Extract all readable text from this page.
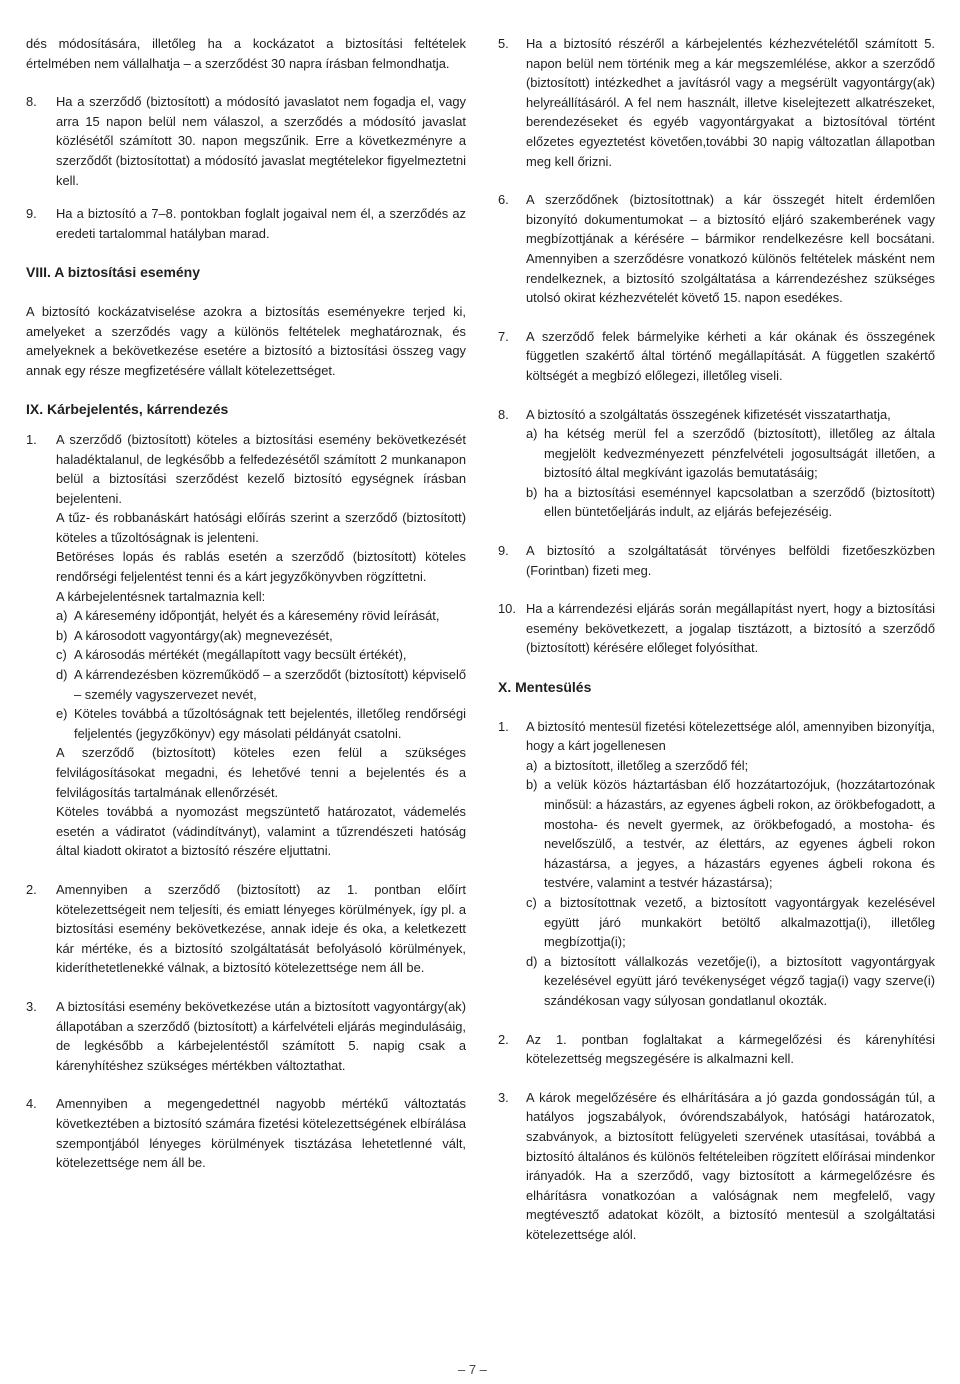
dés módosítására, illetőleg ha a kockázatot a biztosítási feltételek értelmében nem vállalhatja – a szerződést 30 napra írásban felmondhatja.

8.	Ha a szerződő (biztosított) a módosító javaslatot nem fogadja el, vagy arra 15 napon belül nem válaszol, a szerződés a módosító javaslat közlésétől számított 30. napon megszűnik. Erre a következményre a szerződőt (biztosítottat) a módosító javaslat megtételekor figyelmeztetni kell.
9.	Ha a biztosító a 7–8. pontokban foglalt jogaival nem él, a szerződés az eredeti tartalommal hatályban marad.

VIII. A biztosítási esemény

A biztosító kockázatviselése azokra a biztosítás eseményekre terjed ki, amelyeket a szerződés vagy a különös feltételek meghatároznak, és amelyeknek a bekövetkezése esetére a biztosító a biztosítási összeg vagy annak egy része megfizetésére vállalt kötelezettséget.

IX. Kárbejelentés, kárrendezés

1.	A szerződő (biztosított) köteles a biztosítási esemény bekövetkezését haladéktalanul, de legkésőbb a felfedezésétől számított 2 munkanapon belül a biztosítási szerződést kezelő biztosító egységnek írásban bejelenteni.

A tűz- és robbanáskárt hatósági előírás szerint a szerződő (biztosított) köteles a tűzoltóságnak is jelenteni.

Betöréses lopás és rablás esetén a szerződő (biztosított) köteles rendőrségi feljelentést tenni és a kárt jegyzőkönyvben rögzíttetni.

A kárbejelentésnek tartalmaznia kell:

a) A káresemény időpontját, helyét és a káresemény rövid leírását,
b) A károsodott vagyontárgy(ak) megnevezését,
c) A károsodás mértékét (megállapított vagy becsült értékét),
d) A kárrendezésben közreműködő – a szerződőt (biztosított) képviselő – személy vagyszervezet nevét,
e) Köteles továbbá a tűzoltóságnak tett bejelentés, illetőleg rendőrségi feljelentés (jegyzőkönyv) egy másolati példányát csatolni.

A szerződő (biztosított) köteles ezen felül a szükséges felvilágosításokat megadni, és lehetővé tenni a bejelentés és a felvilágosítás tartalmának ellenőrzését.

Köteles továbbá a nyomozást megszüntető határozatot, vádemelés esetén a vádiratot (vádindítványt), valamint a tűzrendészeti hatóság által kiadott okiratot a biztosító részére eljuttatni.

2.	Amennyiben a szerződő (biztosított) az 1. pontban előírt kötelezettségeit nem teljesíti, és emiatt lényeges körülmények, így pl. a biztosítási esemény bekövetkezése, annak ideje és oka, a keletkezett kár mértéke, és a biztosító szolgáltatását befolyásoló körülmények, kideríthetetlenekké válnak, a biztosító kötelezettsége nem áll be.
3.	A biztosítási esemény bekövetkezése után a biztosított vagyontárgy(ak) állapotában a szerződő (biztosított) a kárfelvételi eljárás megindulásáig, de legkésőbb a kárbejelentéstől számított 5. napig csak a kárenyhítéshez szükséges mértékben változtathat.
4.	Amennyiben a megengedettnél nagyobb mértékű változtatás következtében a biztosító számára fizetési kötelezettségének elbírálása szempontjából lényeges körülmények tisztázása lehetetlenné vált, kötelezettsége nem áll be.
5.	Ha a biztosító részéről a kárbejelentés kézhezvételétől számított 5. napon belül nem történik meg a kár megszemlélése, akkor a szerződő (biztosított) intézkedhet a javításról vagy a megsérült vagyontárgy(ak) helyreállításáról. A fel nem használt, illetve kiselejtezett alkatrészeket, berendezéseket és egyéb vagyontárgyakat a biztosítóval történt előzetes egyeztetést követően,további 30 napig változatlan állapotban meg kell őrizni.
6.	A szerződőnek (biztosítottnak) a kár összegét hitelt érdemlően bizonyító dokumentumokat – a biztosító eljáró szakemberének vagy megbízottjának a kérésére – bármikor rendelkezésre kell bocsátani. Amennyiben a szerződésre vonatkozó különös feltételek másként nem rendelkeznek, a biztosító szolgáltatása a kárrendezéshez szükséges utolsó okirat kézhezvételét követő 15. napon esedékes.
7.	A szerződő felek bármelyike kérheti a kár okának és összegének független szakértő által történő megállapítását. A független szakértő költségét a megbízó előlegezi, illetőleg viseli.
8.	A biztosító a szolgáltatás összegének kifizetését visszatarthatja,

a) ha kétség merül fel a szerződő (biztosított), illetőleg az általa megjelölt kedvezményezett pénzfelvételi jogosultságát illetően, a biztosító által megkívánt igazolás bemutatásáig;
b) ha a biztosítási eseménnyel kapcsolatban a szerződő (biztosított) ellen büntetőeljárás indult, az eljárás befejezéséig.
9.	A biztosító a szolgáltatását törvényes belföldi fizetőeszközben (Forintban) fizeti meg.
10. Ha a kárrendezési eljárás során megállapítást nyert, hogy a biztosítási esemény bekövetkezett, a jogalap tisztázott, a biztosító a szerződő (biztosított) kérésére előleget folyósíthat.

X. Mentesülés

1.	A biztosító mentesül fizetési kötelezettsége alól, amennyiben bizonyítja, hogy a kárt jogellenesen

a) a biztosított, illetőleg a szerződő fél;
b) a velük közös háztartásban élő hozzátartozójuk, (hozzátartozónak minősül: a házastárs, az egyenes ágbeli rokon, az örökbefogadott, a mostoha- és nevelt gyermek, az örökbefogadó, a mostoha- és nevelőszülő, a testvér, az élettárs, az egyenes ágbeli rokon házastársa, a jegyes, a házastárs egyenes ágbeli rokona és testvére, valamint a testvér házastársa);
c) a biztosítottnak vezető, a biztosított vagyontárgyak kezelésével együtt járó munkakört betöltő alkalmazottja(i), illetőleg megbízottja(i);
d) a biztosított vállalkozás vezetője(i), a biztosított vagyontárgyak kezelésével együtt járó tevékenységet végző tagja(i) vagy szerve(i) szándékosan vagy súlyosan gondatlanul okozták.
2.	Az 1. pontban foglaltakat a kármegelőzési és kárenyhítési kötelezettség megszegésére is alkalmazni kell.
3.	A károk megelőzésére és elhárítására a jó gazda gondosságán túl, a hatályos jogszabályok, óvórendszabályok, hatósági határozatok, szabványok, a biztosított felügyeleti szervének utasításai, továbbá a biztosító általános és különös feltételeiben rögzített előírásai mindenkor irányadók. Ha a szerződő, vagy biztosított a kármegelőzésre és elhárításra vonatkozóan a valóságnak nem megfelelő, vagy megtévesztő adatokat közölt, a biztosító mentesül a szolgáltatási kötelezettsége alól.
– 7 –
